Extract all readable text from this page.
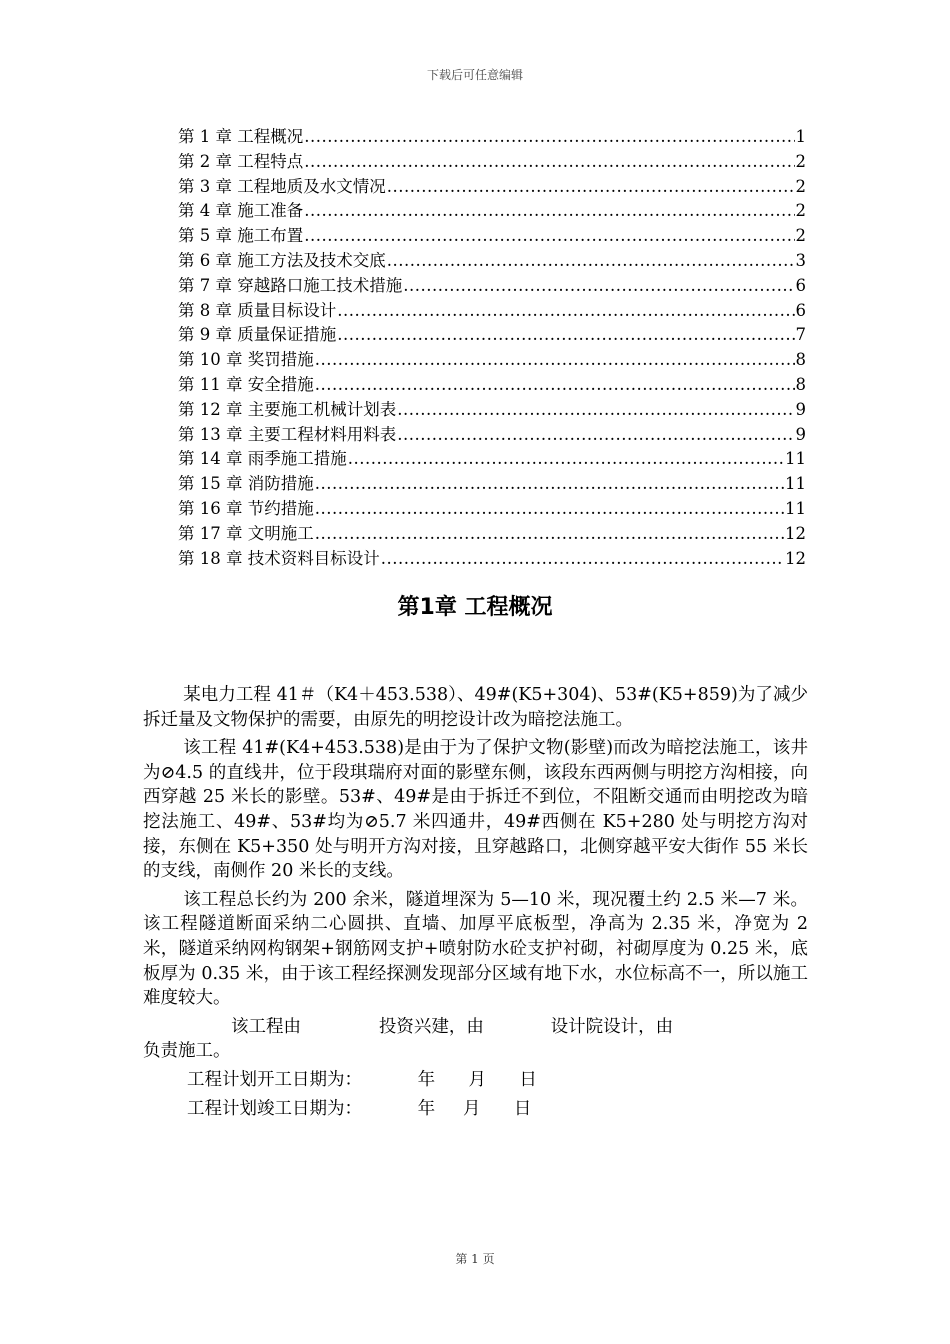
下载后可任意编辑
第 1 章 工程概况 .....	1
第 2 章 工程特点 .....	2
第 3 章 工程地质及水文情况 .....	2
第 4 章 施工准备 .....	2
第 5 章 施工布置 .....	2
第 6 章 施工方法及技术交底 .....	3
第 7 章 穿越路口施工技术措施 .....	6
第 8 章 质量目标设计 .....	6
第 9 章 质量保证措施 .....	7
第 10 章 奖罚措施 .....	8
第 11 章 安全措施 .....	8
第 12 章 主要施工机械计划表 .....	9
第 13 章 主要工程材料用料表 .....	9
第 14 章 雨季施工措施 .....	11
第 15 章 消防措施 .....	11
第 16 章 节约措施 .....	11
第 17 章 文明施工 .....	12
第 18 章 技术资料目标设计 .....	12
第1章 工程概况

某电力工程 41＃（K4＋453.538）、49#(K5+304)、53#(K5+859)为了减少拆迁量及文物保护的需要，由原先的明挖设计改为暗挖法施工。

该工程 41#(K4+453.538)是由于为了保护文物(影壁)而改为暗挖法施工，该井为⊘4.5 的直线井，位于段琪瑞府对面的影壁东侧，该段东西两侧与明挖方沟相接，向西穿越 25 米长的影壁。53#、49#是由于拆迁不到位，不阻断交通而由明挖改为暗挖法施工、49#、53#均为⊘5.7 米四通井，49#西侧在 K5+280 处与明挖方沟对接，东侧在 K5+350 处与明开方沟对接，且穿越路口，北侧穿越平安大街作 55 米长的支线，南侧作 20 米长的支线。

该工程总长约为 200 余米，隧道埋深为 5—10 米，现况覆土约 2.5 米—7 米。该工程隧道断面采纳二心圆拱、直墙、加厚平底板型，净高为 2.35 米，净宽为 2 米，隧道采纳网构钢架+钢筋网支护+喷射防水砼支护衬砌，衬砌厚度为 0.25 米，底板厚为 0.35 米，由于该工程经探测发现部分区域有地下水，水位标高不一，所以施工难度较大。

该工程由              投资兴建，由            设计院设计，由
负责施工。
工程计划开工日期为：          年      月      日
工程计划竣工日期为：          年     月      日
第 1 页
